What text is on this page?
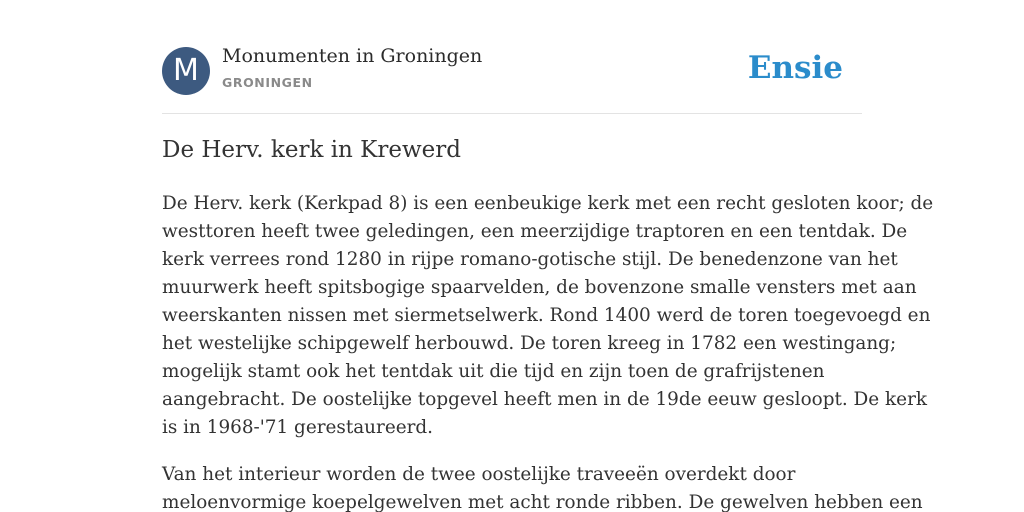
M	Monumenten in Groningen
GRONINGEN	Ensie
De Herv. kerk in Krewerd

De Herv. kerk (Kerkpad 8) is een eenbeukige kerk met een recht gesloten koor; de
westtoren heeft twee geledingen, een meerzijdige traptoren en een tentdak. De
kerk verrees rond 1280 in rijpe romano-gotische stijl. De benedenzone van het
muurwerk heeft spitsbogige spaarvelden, de bovenzone smalle vensters met aan
weerskanten nissen met siermetselwerk. Rond 1400 werd de toren toegevoegd en
het westelijke schipgewelf herbouwd. De toren kreeg in 1782 een westingang;
mogelijk stamt ook het tentdak uit die tijd en zijn toen de grafrijstenen
aangebracht. De oostelijke topgevel heeft men in de 19de eeuw gesloopt. De kerk
is in 1968-'71 gerestaureerd.

Van het interieur worden de twee oostelijke traveeën overdekt door
meloenvormige koepelgewelven met acht ronde ribben. De gewelven hebben een
